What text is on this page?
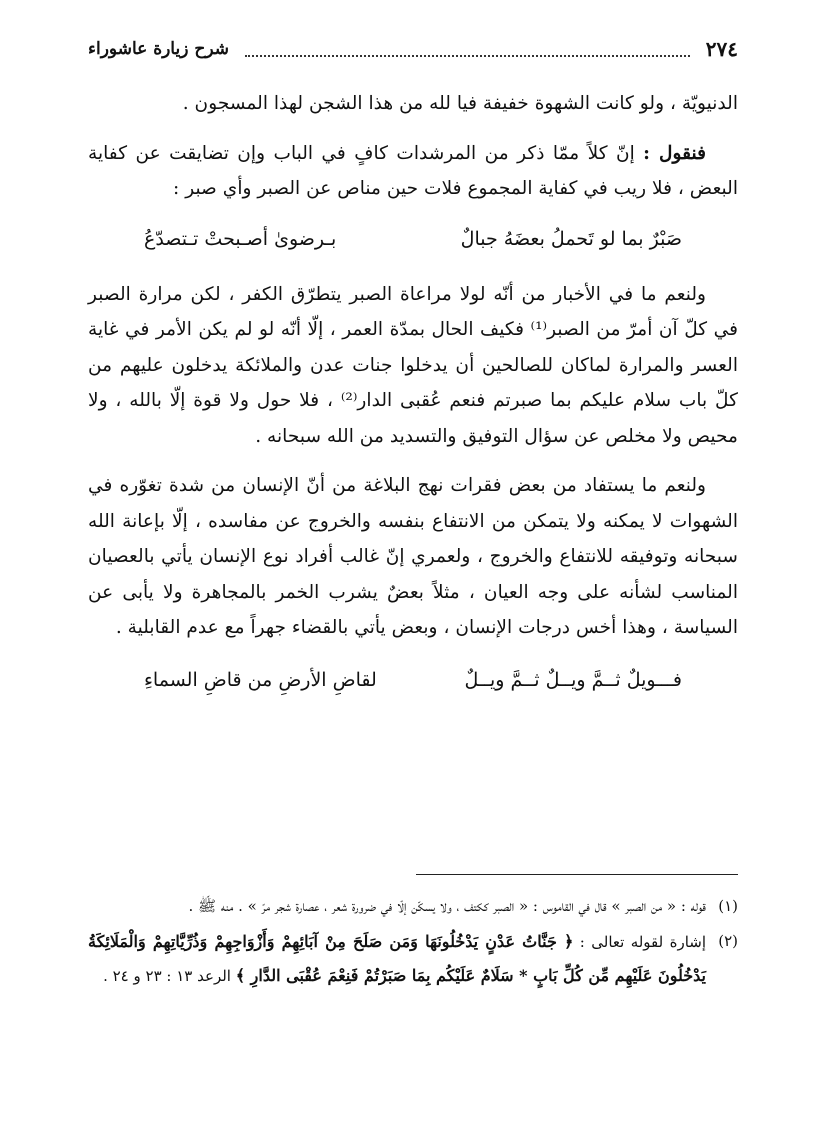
٢٧٤
شرح زيارة عاشوراء

الدنيويّة ، ولو كانت الشهوة خفيفة فيا لله من هذا الشجن لهذا المسجون .

فنقول : إنّ كلاً ممّا ذكر من المرشدات كافٍ في الباب وإن تضايقت عن كفاية البعض ، فلا ريب في كفاية المجموع فلات حين مناص عن الصبر وأي صبر :

صَبْرٌ بما لو تَحملُ بعضَهُ جبالٌ
بـرضوىٰ أصـبحتْ تـتصدّعُ

ولنعم ما في الأخبار من أنّه لولا مراعاة الصبر يتطرّق الكفر ، لكن مرارة الصبر في كلّ آن أمرّ من الصبر⁽¹⁾ فكيف الحال بمدّة العمر ، إلّا أنّه لو لم يكن الأمر في غاية العسر والمرارة لماكان للصالحين أن يدخلوا جنات عدن والملائكة يدخلون عليهم من كلّ باب سلام عليكم بما صبرتم فنعم عُقبى الدار⁽²⁾ ، فلا حول ولا قوة إلّا بالله ، ولا محيص ولا مخلص عن سؤال التوفيق والتسديد من الله سبحانه .

ولنعم ما يستفاد من بعض فقرات نهج البلاغة من أنّ الإنسان من شدة تغوّره في الشهوات لا يمكنه ولا يتمكن من الانتفاع بنفسه والخروج عن مفاسده ، إلّا بإعانة الله سبحانه وتوفيقه للانتفاع والخروج ، ولعمري إنّ غالب أفراد نوع الإنسان يأتي بالعصيان المناسب لشأنه على وجه العيان ، مثلاً بعضٌ يشرب الخمر بالمجاهرة ولا يأبى عن السياسة ، وهذا أخس درجات الإنسان ، وبعض يأتي بالقضاء جهراً مع عدم القابلية .

فـــويلٌ ثــمَّ ويــلٌ ثــمَّ ويــلٌ
لقاضِ الأرضِ من قاضِ السماءِ
(١)
قوله : « من الصبر » قال في القاموس : « الصبر ككتف ، ولا يسكّن إلّا في ضرورة شعر ، عصارة شجر مرّ » . منه ﷺ .
(٢)
إشارة لقوله تعالى : ﴿ جَنَّاتُ عَدْنٍ يَدْخُلُونَهَا وَمَن صَلَحَ مِنْ آبَائِهِمْ وَأَزْوَاجِهِمْ وَذُرِّيَّاتِهِمْ وَالْمَلَائِكَةُ يَدْخُلُونَ عَلَيْهِم مِّن كُلِّ بَابٍ * سَلَامٌ عَلَيْكُم بِمَا صَبَرْتُمْ فَنِعْمَ عُقْبَى الدَّارِ ﴾ الرعد ١٣ : ٢٣ و ٢٤ .
